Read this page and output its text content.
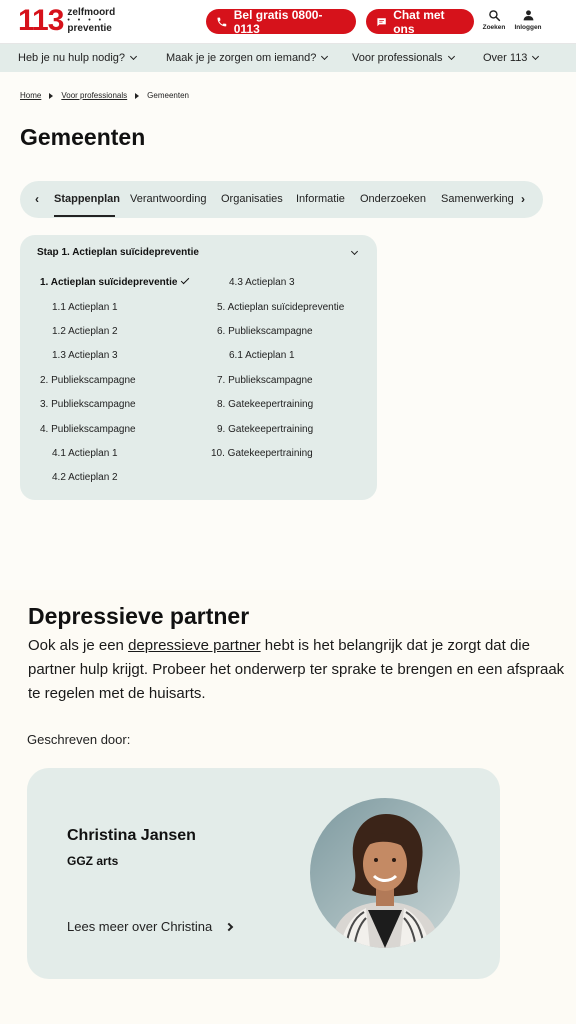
113 zelfmoord
• • • •
preventie
Bel gratis 0800-0113
Chat met ons	Zoeken Inloggen
Heb je nu hulp nodig?	Maak je je zorgen om iemand?	Voor professionals	Over 113
Home	Voor professionals	Gemeenten
Gemeenten
‹ Stappenplan Verantwoording Organisaties Informatie Onderzoeken Samenwerking ›
Stap 1. Actieplan suïcidepreventie
1. Actieplan suïcidepreventie
1.1 Actieplan 1
1.2 Actieplan 2
1.3 Actieplan 3
2. Publiekscampagne
3. Publiekscampagne
4. Publiekscampagne
4.1 Actieplan 1
4.2 Actieplan 2
4.3 Actieplan 3
5. Actieplan suïcidepreventie
6. Publiekscampagne
6.1 Actieplan 1
7. Publiekscampagne
8. Gatekeepertraining
9. Gatekeepertraining
10. Gatekeepertraining
Depressieve partner

Ook als je een depressieve partner hebt is het belangrijk dat je zorgt dat die partner hulp krijgt. Probeer het onderwerp ter sprake te brengen en een afspraak te regelen met de huisarts.

Geschreven door:
Christina Jansen
GGZ arts
Lees meer over Christina
